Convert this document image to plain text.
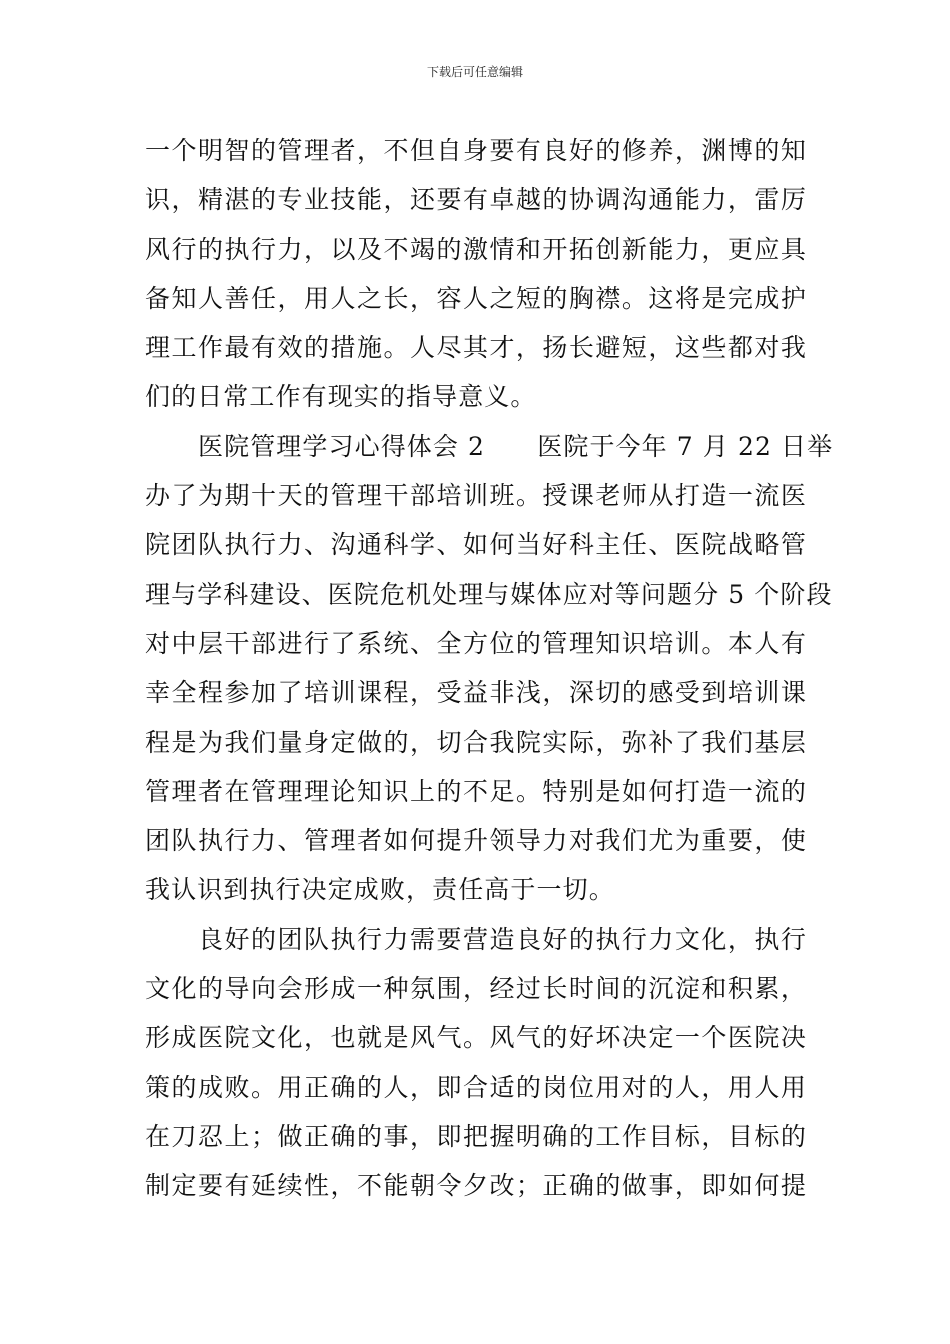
下载后可任意编辑

一个明智的管理者，不但自身要有良好的修养，渊博的知
识，精湛的专业技能，还要有卓越的协调沟通能力，雷厉
风行的执行力，以及不竭的激情和开拓创新能力，更应具
备知人善任，用人之长，容人之短的胸襟。这将是完成护
理工作最有效的措施。人尽其才，扬长避短，这些都对我
们的日常工作有现实的指导意义。

医院管理学习心得体会 2　　医院于今年 7 月 22 日举
办了为期十天的管理干部培训班。授课老师从打造一流医
院团队执行力、沟通科学、如何当好科主任、医院战略管
理与学科建设、医院危机处理与媒体应对等问题分 5 个阶段
对中层干部进行了系统、全方位的管理知识培训。本人有
幸全程参加了培训课程，受益非浅，深切的感受到培训课
程是为我们量身定做的，切合我院实际，弥补了我们基层
管理者在管理理论知识上的不足。特别是如何打造一流的
团队执行力、管理者如何提升领导力对我们尤为重要，使
我认识到执行决定成败，责任高于一切。

良好的团队执行力需要营造良好的执行力文化，执行
文化的导向会形成一种氛围，经过长时间的沉淀和积累，
形成医院文化，也就是风气。风气的好坏决定一个医院决
策的成败。用正确的人，即合适的岗位用对的人，用人用
在刀忍上；做正确的事，即把握明确的工作目标，目标的
制定要有延续性，不能朝令夕改；正确的做事，即如何提
